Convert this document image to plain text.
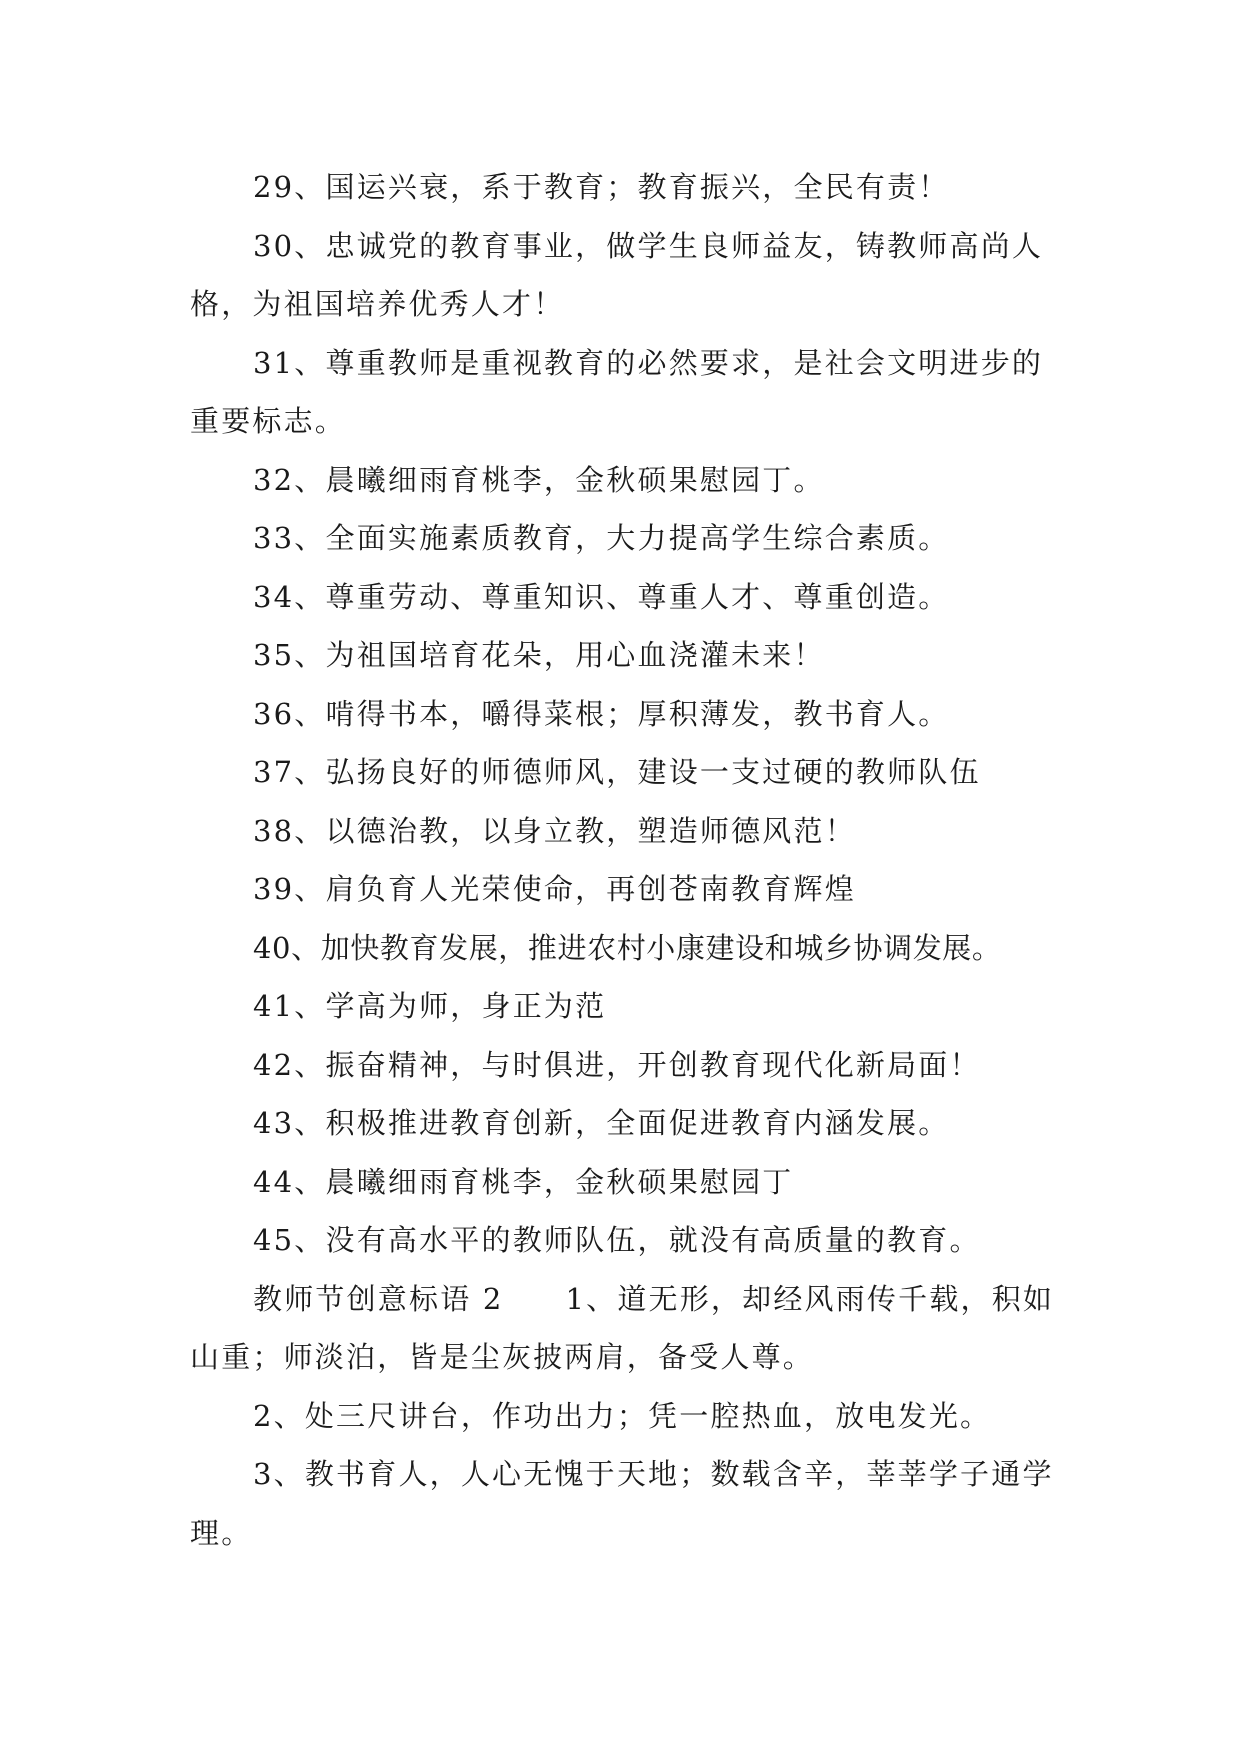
29、国运兴衰，系于教育；教育振兴，全民有责！

30、忠诚党的教育事业，做学生良师益友，铸教师高尚人格，为祖国培养优秀人才！

31、尊重教师是重视教育的必然要求，是社会文明进步的重要标志。

32、晨曦细雨育桃李，金秋硕果慰园丁。

33、全面实施素质教育，大力提高学生综合素质。

34、尊重劳动、尊重知识、尊重人才、尊重创造。

35、为祖国培育花朵，用心血浇灌未来！

36、啃得书本，嚼得菜根；厚积薄发，教书育人。

37、弘扬良好的师德师风，建设一支过硬的教师队伍

38、以德治教，以身立教，塑造师德风范！

39、肩负育人光荣使命，再创苍南教育辉煌

40、加快教育发展，推进农村小康建设和城乡协调发展。

41、学高为师，身正为范

42、振奋精神，与时俱进，开创教育现代化新局面！

43、积极推进教育创新，全面促进教育内涵发展。

44、晨曦细雨育桃李，金秋硕果慰园丁

45、没有高水平的教师队伍，就没有高质量的教育。

教师节创意标语 2 1、道无形，却经风雨传千载，积如山重；师淡泊，皆是尘灰披两肩，备受人尊。

2、处三尺讲台，作功出力；凭一腔热血，放电发光。

3、教书育人，人心无愧于天地；数载含辛，莘莘学子通学理。
